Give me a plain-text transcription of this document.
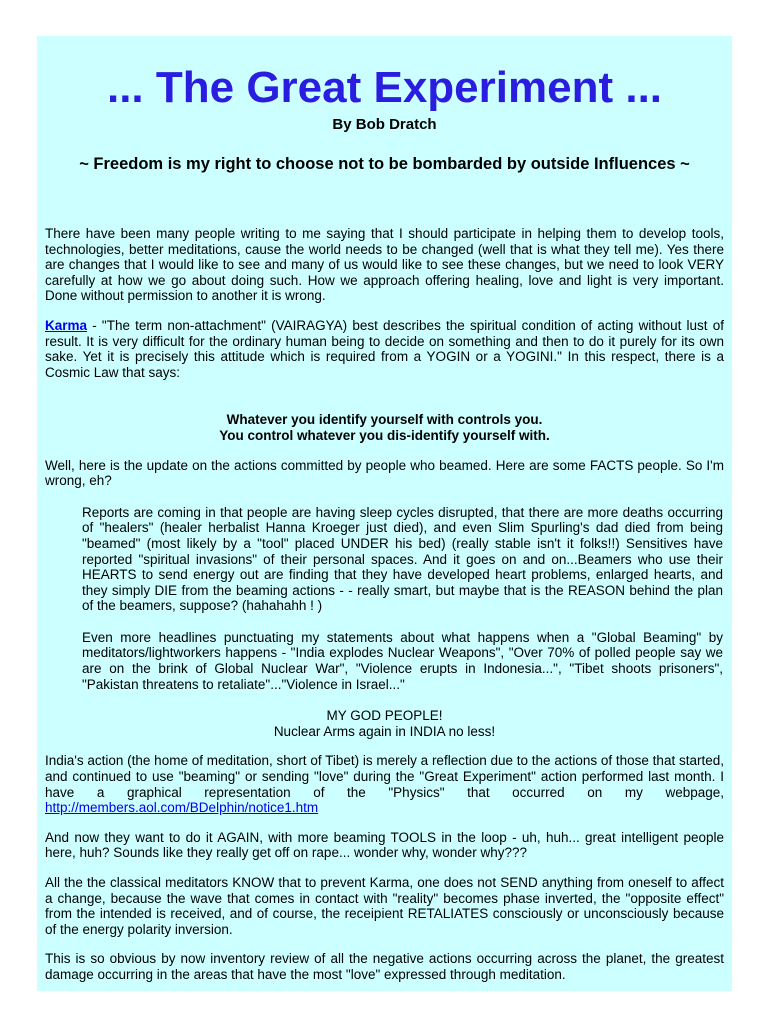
... The Great Experiment ...
By Bob Dratch
~ Freedom is my right to choose not to be bombarded by outside Influences ~

There have been many people writing to me saying that I should participate in helping them to develop tools, technologies, better meditations, cause the world needs to be changed (well that is what they tell me). Yes there are changes that I would like to see and many of us would like to see these changes, but we need to look VERY carefully at how we go about doing such. How we approach offering healing, love and light is very important. Done without permission to another it is wrong.

Karma - "The term non-attachment" (VAIRAGYA) best describes the spiritual condition of acting without lust of result. It is very difficult for the ordinary human being to decide on something and then to do it purely for its own sake. Yet it is precisely this attitude which is required from a YOGIN or a YOGINI." In this respect, there is a Cosmic Law that says:

Whatever you identify yourself with controls you.
You control whatever you dis-identify yourself with.

Well, here is the update on the actions committed by people who beamed. Here are some FACTS people. So I'm wrong, eh?

Reports are coming in that people are having sleep cycles disrupted, that there are more deaths occurring of "healers" (healer herbalist Hanna Kroeger just died), and even Slim Spurling's dad died from being "beamed" (most likely by a "tool" placed UNDER his bed) (really stable isn't it folks!!) Sensitives have reported "spiritual invasions" of their personal spaces. And it goes on and on...Beamers who use their HEARTS to send energy out are finding that they have developed heart problems, enlarged hearts, and they simply DIE from the beaming actions - - really smart, but maybe that is the REASON behind the plan of the beamers, suppose? (hahahahh ! )

Even more headlines punctuating my statements about what happens when a "Global Beaming" by meditators/lightworkers happens - "India explodes Nuclear Weapons", "Over 70% of polled people say we are on the brink of Global Nuclear War", "Violence erupts in Indonesia...", "Tibet shoots prisoners", "Pakistan threatens to retaliate"..."Violence in Israel..."

MY GOD PEOPLE!
Nuclear Arms again in INDIA no less!

India's action (the home of meditation, short of Tibet) is merely a reflection due to the actions of those that started, and continued to use "beaming" or sending "love" during the "Great Experiment" action performed last month. I have a graphical representation of the "Physics" that occurred on my webpage, http://members.aol.com/BDelphin/notice1.htm

And now they want to do it AGAIN, with more beaming TOOLS in the loop - uh, huh... great intelligent people here, huh? Sounds like they really get off on rape... wonder why, wonder why???

All the the classical meditators KNOW that to prevent Karma, one does not SEND anything from oneself to affect a change, because the wave that comes in contact with "reality" becomes phase inverted, the "opposite effect" from the intended is received, and of course, the receipient RETALIATES consciously or unconsciously because of the energy polarity inversion.

This is so obvious by now inventory review of all the negative actions occurring across the planet, the greatest damage occurring in the areas that have the most "love" expressed through meditation.
